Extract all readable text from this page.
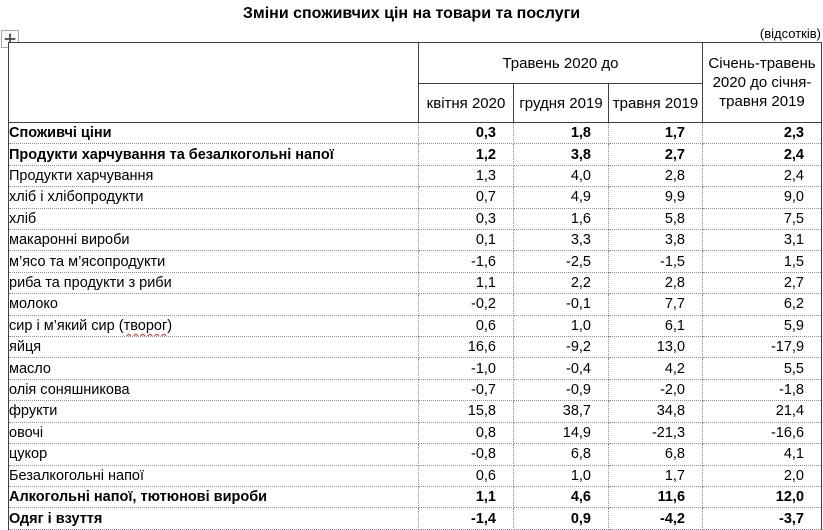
Зміни споживчих цін на товари та послуги
(відсотків)
	Травень 2020 до			Січень-травень 2020 до січня-травня 2019
	квітня 2020	грудня 2019	травня 2019	
Споживчі ціни	0,3	1,8	1,7	2,3
Продукти харчування та безалкогольні напої	1,2	3,8	2,7	2,4
Продукти харчування	1,3	4,0	2,8	2,4
хліб і хлібопродукти	0,7	4,9	9,9	9,0
хліб	0,3	1,6	5,8	7,5
макаронні вироби	0,1	3,3	3,8	3,1
м’ясо та м’ясопродукти	-1,6	-2,5	-1,5	1,5
риба та продукти з риби	1,1	2,2	2,8	2,7
молоко	-0,2	-0,1	7,7	6,2
сир і м’який сир (творог)	0,6	1,0	6,1	5,9
яйця	16,6	-9,2	13,0	-17,9
масло	-1,0	-0,4	4,2	5,5
олія соняшникова	-0,7	-0,9	-2,0	-1,8
фрукти	15,8	38,7	34,8	21,4
овочі	0,8	14,9	-21,3	-16,6
цукор	-0,8	6,8	6,8	4,1
Безалкогольні напої	0,6	1,0	1,7	2,0
Алкогольні напої, тютюнові вироби	1,1	4,6	11,6	12,0
Одяг і взуття	-1,4	0,9	-4,2	-3,7
